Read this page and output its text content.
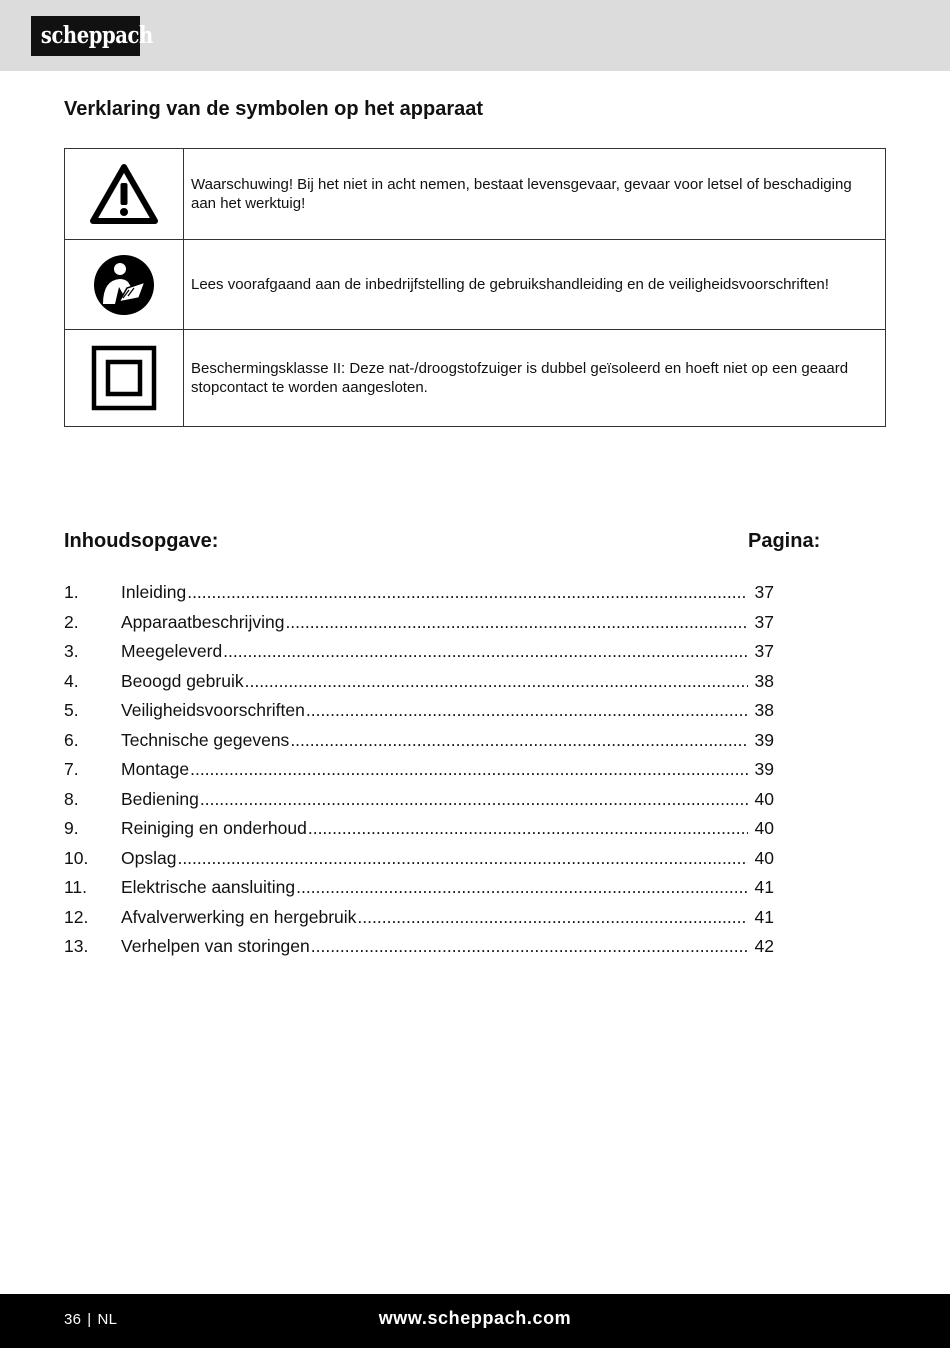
scheppach
Verklaring van de symbolen op het apparaat
	Waarschuwing! Bij het niet in acht nemen, bestaat levensgevaar, gevaar voor letsel of beschadiging aan het werktuig!

	Lees voorafgaand aan de inbedrijfstelling de gebruikshandleiding en de veiligheidsvoorschriften!

	Beschermingsklasse II: Deze nat-/droogstofzuiger is dubbel geïsoleerd en hoeft niet op een geaard stopcontact te worden aangesloten.
Inhoudsopgave:	Pagina:
1.	Inleiding .....	37
2.	Apparaatbeschrijving .....	37
3.	Meegeleverd .....	37
4.	Beoogd gebruik .....	38
5.	Veiligheidsvoorschriften .....	38
6.	Technische gegevens .....	39
7.	Montage .....	39
8.	Bediening .....	40
9.	Reiniging en onderhoud .....	40
10.	Opslag .....	40
11.	Elektrische aansluiting .....	41
12.	Afvalverwerking en hergebruik .....	41
13.	Verhelpen van storingen .....	42
36 | NL	www.scheppach.com
